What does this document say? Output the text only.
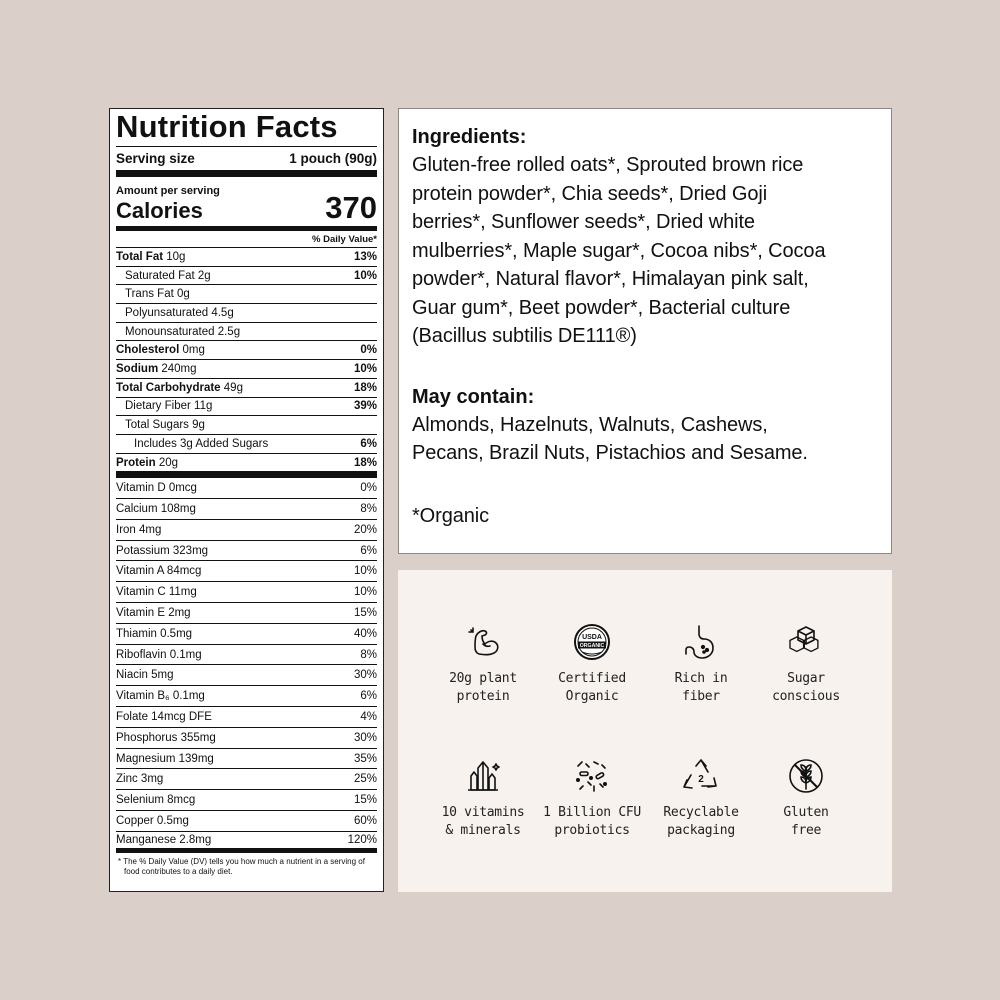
Nutrition Facts
Serving size	1 pouch (90g)
Amount per serving
Calories	370
% Daily Value*
Total Fat 10g	13%
Saturated Fat 2g	10%
Trans Fat 0g
Polyunsaturated 4.5g
Monounsaturated 2.5g
Cholesterol 0mg	0%
Sodium 240mg	10%
Total Carbohydrate 49g	18%
Dietary Fiber 11g	39%
Total Sugars 9g
Includes 3g Added Sugars	6%
Protein 20g	18%
Vitamin D 0mcg	0%
Calcium 108mg	8%
Iron 4mg	20%
Potassium 323mg	6%
Vitamin A 84mcg	10%
Vitamin C 11mg	10%
Vitamin E 2mg	15%
Thiamin 0.5mg	40%
Riboflavin 0.1mg	8%
Niacin 5mg	30%
Vitamin B₆ 0.1mg	6%
Folate 14mcg DFE	4%
Phosphorus 355mg	30%
Magnesium 139mg	35%
Zinc 3mg	25%
Selenium 8mcg	15%
Copper 0.5mg	60%
Manganese 2.8mg	120%
* The % Daily Value (DV) tells you how much a nutrient in a serving of food contributes to a daily diet.
Ingredients:
Gluten-free rolled oats*, Sprouted brown rice
protein powder*, Chia seeds*, Dried Goji
berries*, Sunflower seeds*, Dried white
mulberries*, Maple sugar*, Cocoa nibs*, Cocoa
powder*, Natural flavor*, Himalayan pink salt,
Guar gum*, Beet powder*, Bacterial culture
(Bacillus subtilis DE111®)
May contain:
Almonds, Hazelnuts, Walnuts, Cashews,
Pecans, Brazil Nuts, Pistachios and Sesame.
*Organic
20g plant
protein
USDA
ORGANIC
Certified
Organic
Rich in
fiber
Sugar
conscious
10 vitamins
& minerals
1 Billion CFU
probiotics
2
Recyclable
packaging
Gluten
free
